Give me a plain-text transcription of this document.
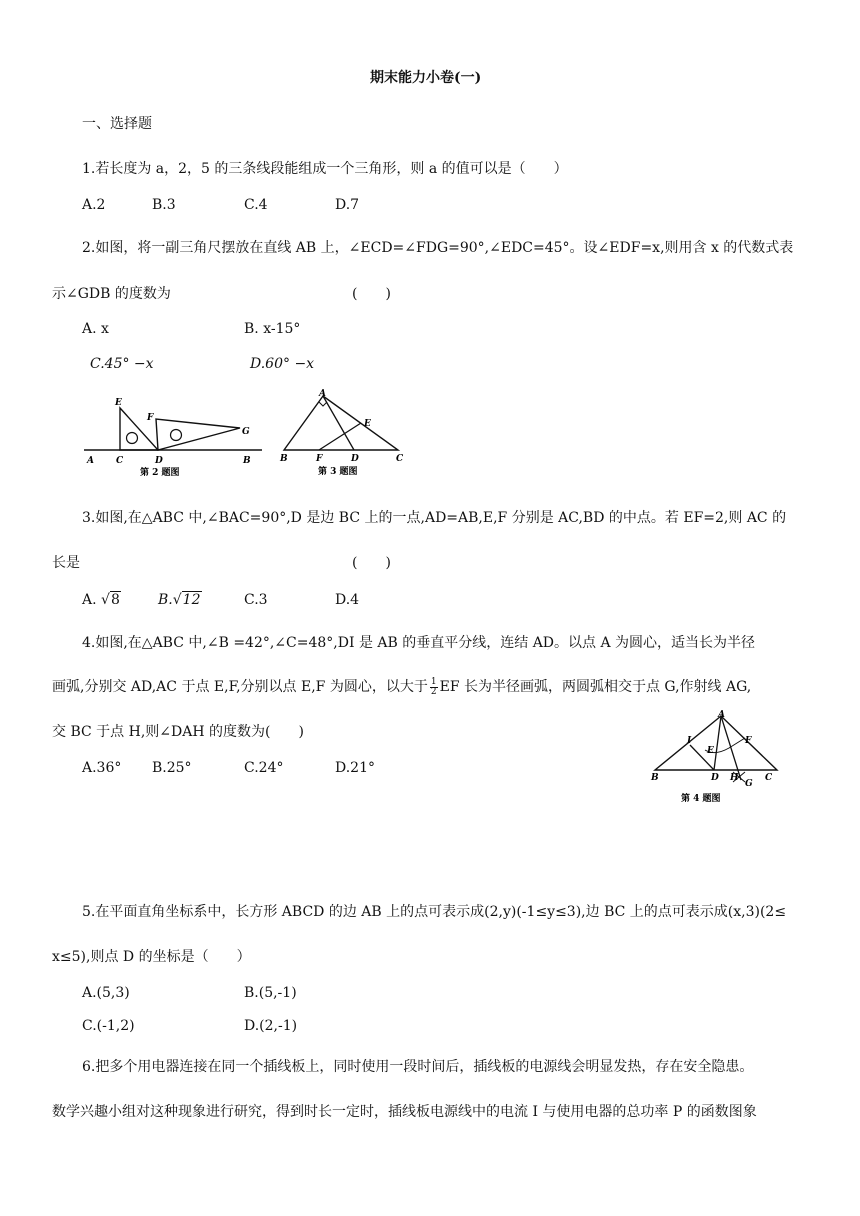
期末能力小卷(一)
一、选择题
1.若长度为 a，2，5 的三条线段能组成一个三角形，则 a 的值可以是（　　）
A.2	B.3	C.4	D.7
2.如图，将一副三角尺摆放在直线 AB 上，∠ECD=∠FDG=90°,∠EDC=45°。设∠EDF=x,则用含 x 的代数式表
示∠GDB 的度数为	(　　)
A. x	B. x-15°
C.45° −x	D.60° −x
E
F
G
A C	D	B
第 2 题图
A
E
B	F	D	C
第 3 题图
3.如图,在△ABC 中,∠BAC=90°,D 是边 BC 上的一点,AD=AB,E,F 分别是 AC,BD 的中点。若 EF=2,则 AC 的
长是	(　　)
A. √8	B.√12	C.3	D.4
4.如图,在△ABC 中,∠B =42°,∠C=48°,DI 是 AB 的垂直平分线，连结 AD。以点 A 为圆心，适当长为半径
画弧,分别交 AD,AC 于点 E,F,分别以点 E,F 为圆心，以大于 $\frac{1}{2}$ EF 长为半径画弧，两圆弧相交于点 G,作射线 AG,
交 BC 于点 H,则∠DAH 的度数为(　　)
A.36° B.25°	C.24°	D.21°
A
I
E
F
B	D H
G
C
第 4 题图
5.在平面直角坐标系中，长方形 ABCD 的边 AB 上的点可表示成(2,y)(-1≤y≤3),边 BC 上的点可表示成(x,3)(2≤
x≤5),则点 D 的坐标是（　　）
A.(5,3)	B.(5,-1)
C.(-1,2)	D.(2,-1)
6.把多个用电器连接在同一个插线板上，同时使用一段时间后，插线板的电源线会明显发热，存在安全隐患。
数学兴趣小组对这种现象进行研究，得到时长一定时，插线板电源线中的电流 I 与使用电器的总功率 P 的函数图象
